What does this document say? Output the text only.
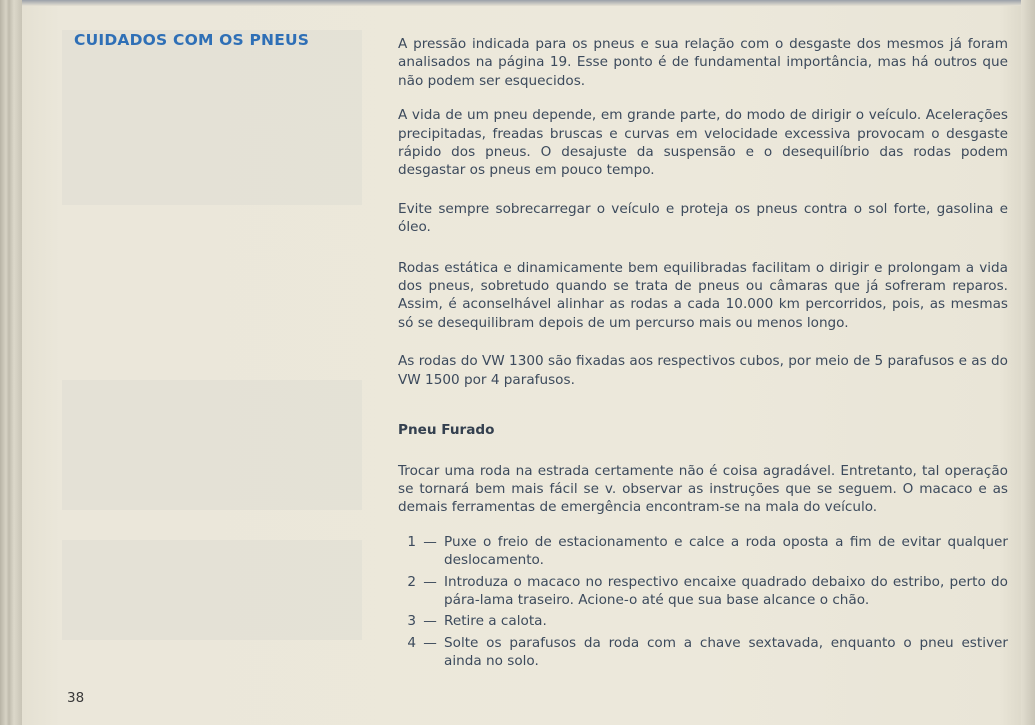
CUIDADOS COM OS PNEUS	A pressão indicada para os pneus e sua relação com o desgaste dos mesmos já foram analisados na página 19. Esse ponto é de fundamental importância, mas há outros que não podem ser esquecidos.

A vida de um pneu depende, em grande parte, do modo de dirigir o veículo. Acelerações precipitadas, freadas bruscas e curvas em velocidade excessiva provocam o desgaste rápido dos pneus. O desajuste da suspensão e o desequilíbrio das rodas podem desgastar os pneus em pouco tempo.

Evite sempre sobrecarregar o veículo e proteja os pneus contra o sol forte, gasolina e óleo.

Rodas estática e dinamicamente bem equilibradas facilitam o dirigir e prolongam a vida dos pneus, sobretudo quando se trata de pneus ou câmaras que já sofreram reparos. Assim, é aconselhável alinhar as rodas a cada 10.000 km percorridos, pois, as mesmas só se desequilibram depois de um percurso mais ou menos longo.

As rodas do VW 1300 são fixadas aos respectivos cubos, por meio de 5 parafusos e as do VW 1500 por 4 parafusos.

Pneu Furado

Trocar uma roda na estrada certamente não é coisa agradável. Entretanto, tal operação se tornará bem mais fácil se v. observar as instruções que se seguem. O macaco e as demais ferramentas de emergência encontram-se na mala do veículo.

1 — Puxe o freio de estacionamento e calce a roda oposta a fim de evitar qualquer deslocamento.
2 — Introduza o macaco no respectivo encaixe quadrado debaixo do estribo, perto do pára-lama traseiro. Acione-o até que sua base alcance o chão.
3 — Retire a calota.
4 — Solte os parafusos da roda com a chave sextavada, enquanto o pneu estiver ainda no solo.

38
